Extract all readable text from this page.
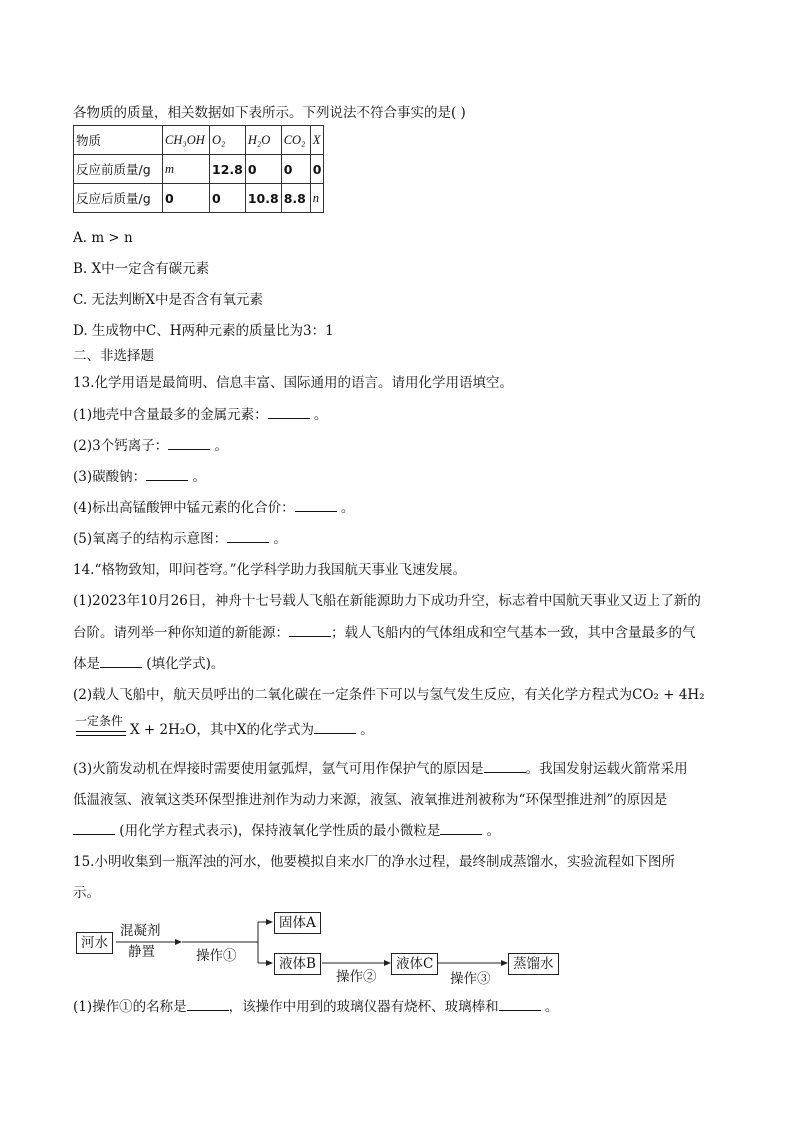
各物质的质量，相关数据如下表所示。下列说法不符合事实的是( )
物质	CH₃OH	O₂	H₂O	CO₂	X
反应前质量/g	m	12.8	0	0	0
反应后质量/g	0	0	10.8	8.8	n
A. m > n
B. X中一定含有碳元素
C. 无法判断X中是否含有氧元素
D. 生成物中C、H两种元素的质量比为3：1
二、非选择题
13.化学用语是最简明、信息丰富、国际通用的语言。请用化学用语填空。
(1)地壳中含量最多的金属元素：	。
(2)3个钙离子：	。
(3)碳酸钠：	。
(4)标出高锰酸钾中锰元素的化合价：	。
(5)氧离子的结构示意图：	。
14.“格物致知，叩问苍穹。”化学科学助力我国航天事业飞速发展。
(1)2023年10月26日，神舟十七号载人飞船在新能源助力下成功升空，标志着中国航天事业又迈上了新的
台阶。请列举一种你知道的新能源：	；载人飞船内的气体组成和空气基本一致，其中含量最多的气
体是	(填化学式)。
(2)载人飞船中，航天员呼出的二氧化碳在一定条件下可以与氢气发生反应，有关化学方程式为CO₂ + 4H₂
一定条件
X + 2H₂O，其中X的化学式为	。
(3)火箭发动机在焊接时需要使用氩弧焊，氩气可用作保护气的原因是	。我国发射运载火箭常采用
低温液氢、液氧这类环保型推进剂作为动力来源，液氢、液氧推进剂被称为“环保型推进剂”的原因是
(用化学方程式表示)，保持液氧化学性质的最小微粒是	。
15.小明收集到一瓶浑浊的河水，他要模拟自来水厂的净水过程，最终制成蒸馏水，实验流程如下图所
示。
河水
混凝剂
静置	操作①
固体A
液体B
操作②
液体C
操作③
蒸馏水
(1)操作①的名称是	，该操作中用到的玻璃仪器有烧杯、玻璃棒和	。
